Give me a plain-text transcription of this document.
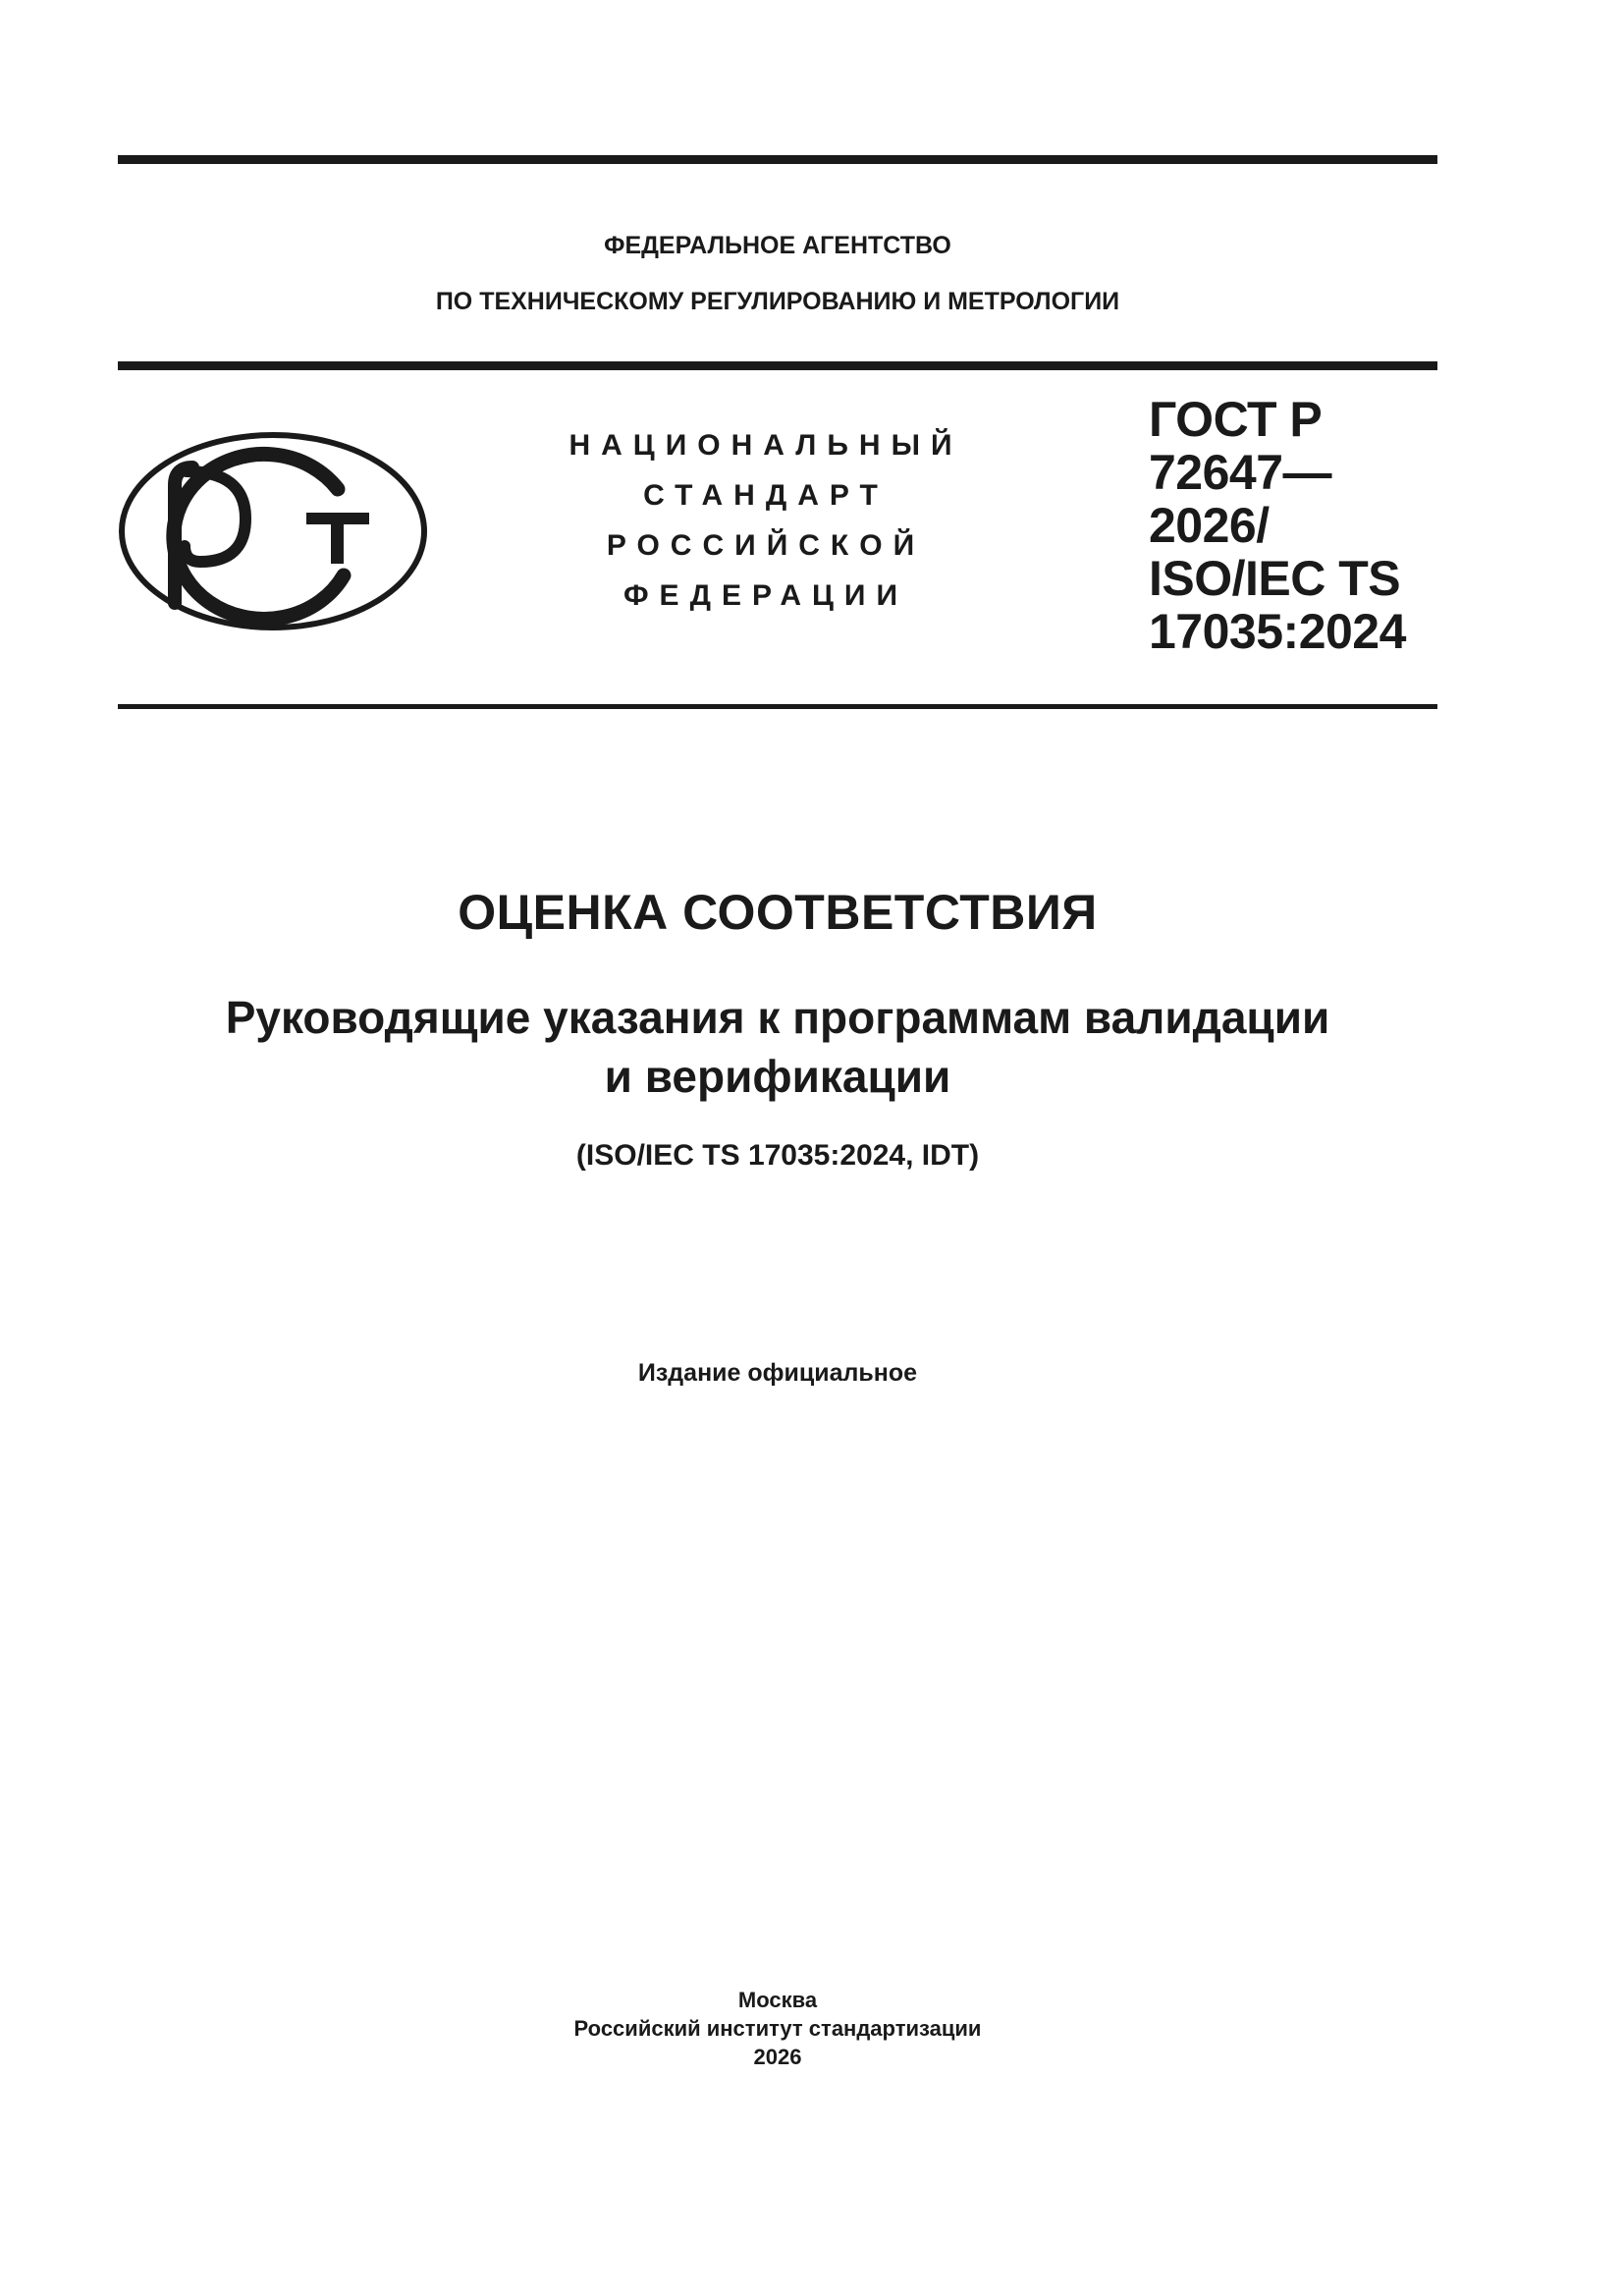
ФЕДЕРАЛЬНОЕ АГЕНТСТВО
ПО ТЕХНИЧЕСКОМУ РЕГУЛИРОВАНИЮ И МЕТРОЛОГИИ
НАЦИОНАЛЬНЫЙ
СТАНДАРТ
РОССИЙСКОЙ
ФЕДЕРАЦИИ
ГОСТ Р
72647—
2026/
ISO/IEC TS
17035:2024
ОЦЕНКА СООТВЕТСТВИЯ
Руководящие указания к программам валидации
и верификации
(ISO/IEC TS 17035:2024, IDT)
Издание официальное
Москва
Российский институт стандартизации
2026
